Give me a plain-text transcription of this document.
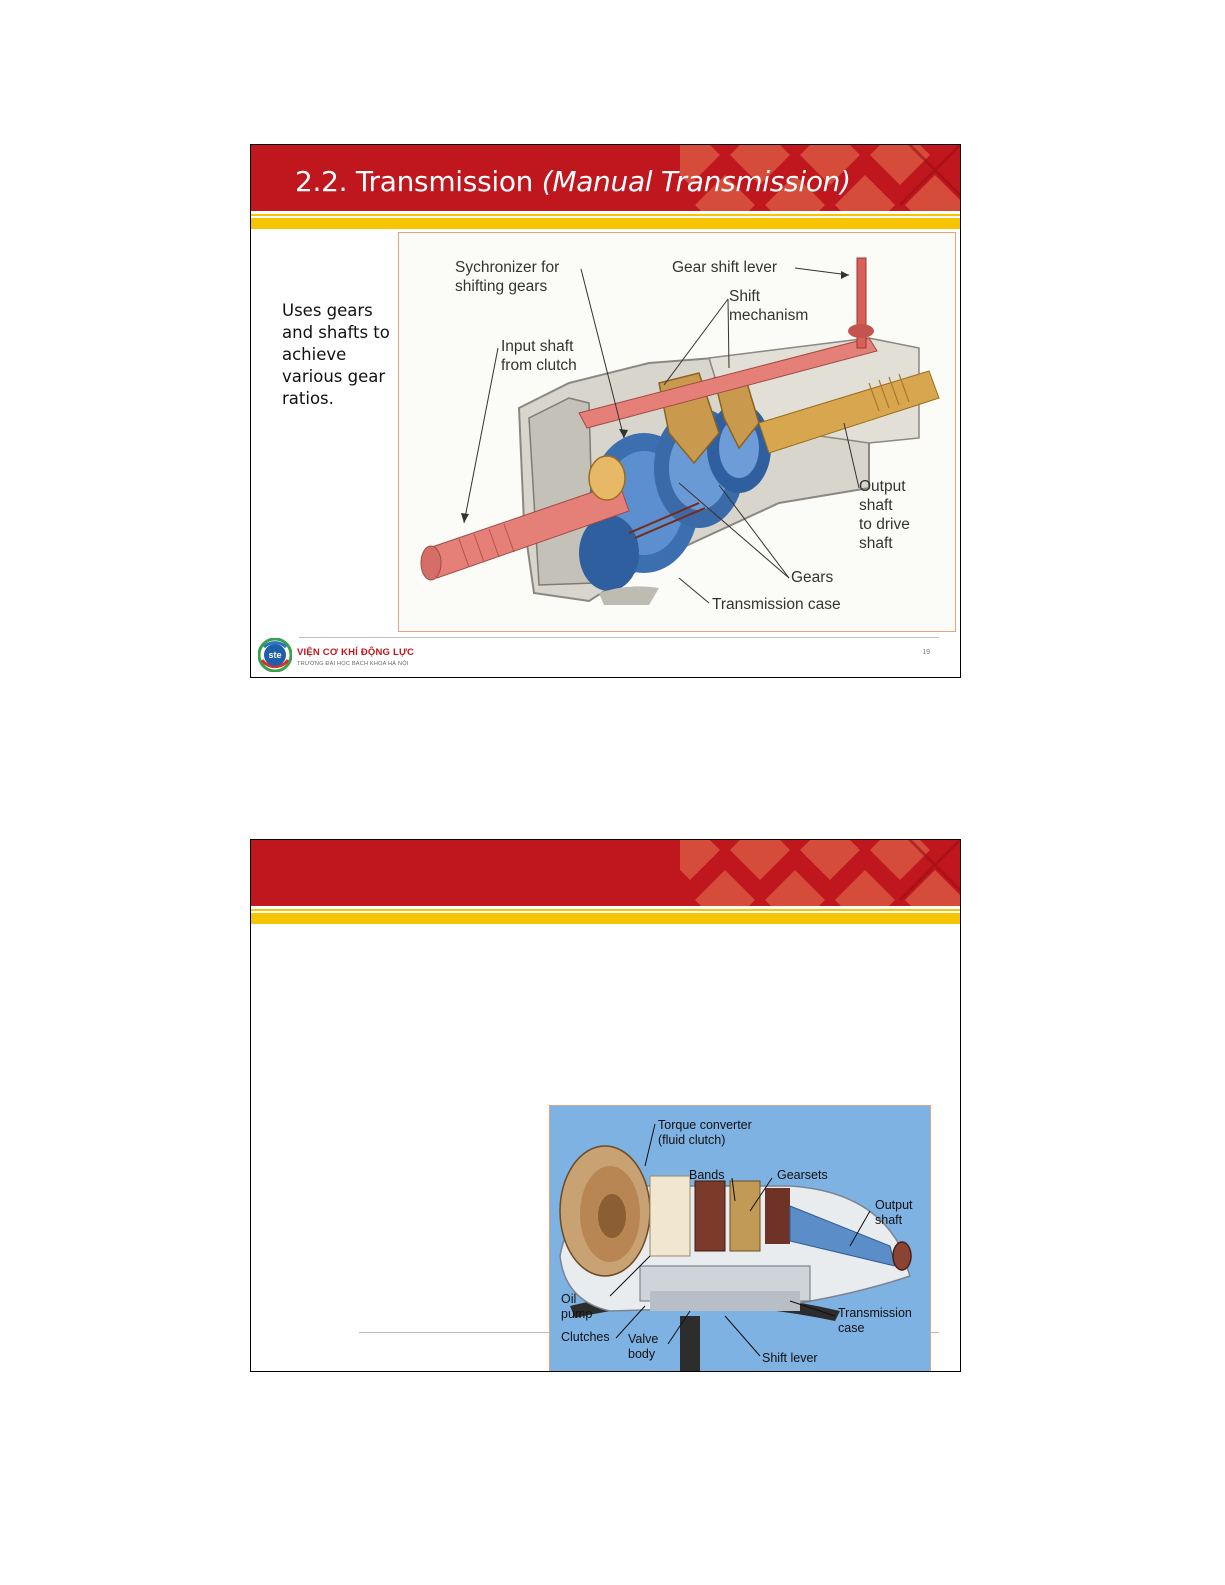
2.2. Transmission (Manual Transmission)
Uses gears and shafts to achieve various gear ratios.
Sychronizer for
shifting gears
Gear shift lever
Shift
mechanism
Input shaft
from clutch
Output
shaft
to drive
shaft
Gears
Transmission case
ste VIỆN CƠ KHÍ ĐỘNG LỰC
TRƯỜNG ĐẠI HỌC BÁCH KHOA HÀ NỘI
19
Torque converter
(fluid clutch)
Bands	Gearsets
Output
shaft
Oil
pump
Clutches Valve
body	Shift lever
Transmission
case
